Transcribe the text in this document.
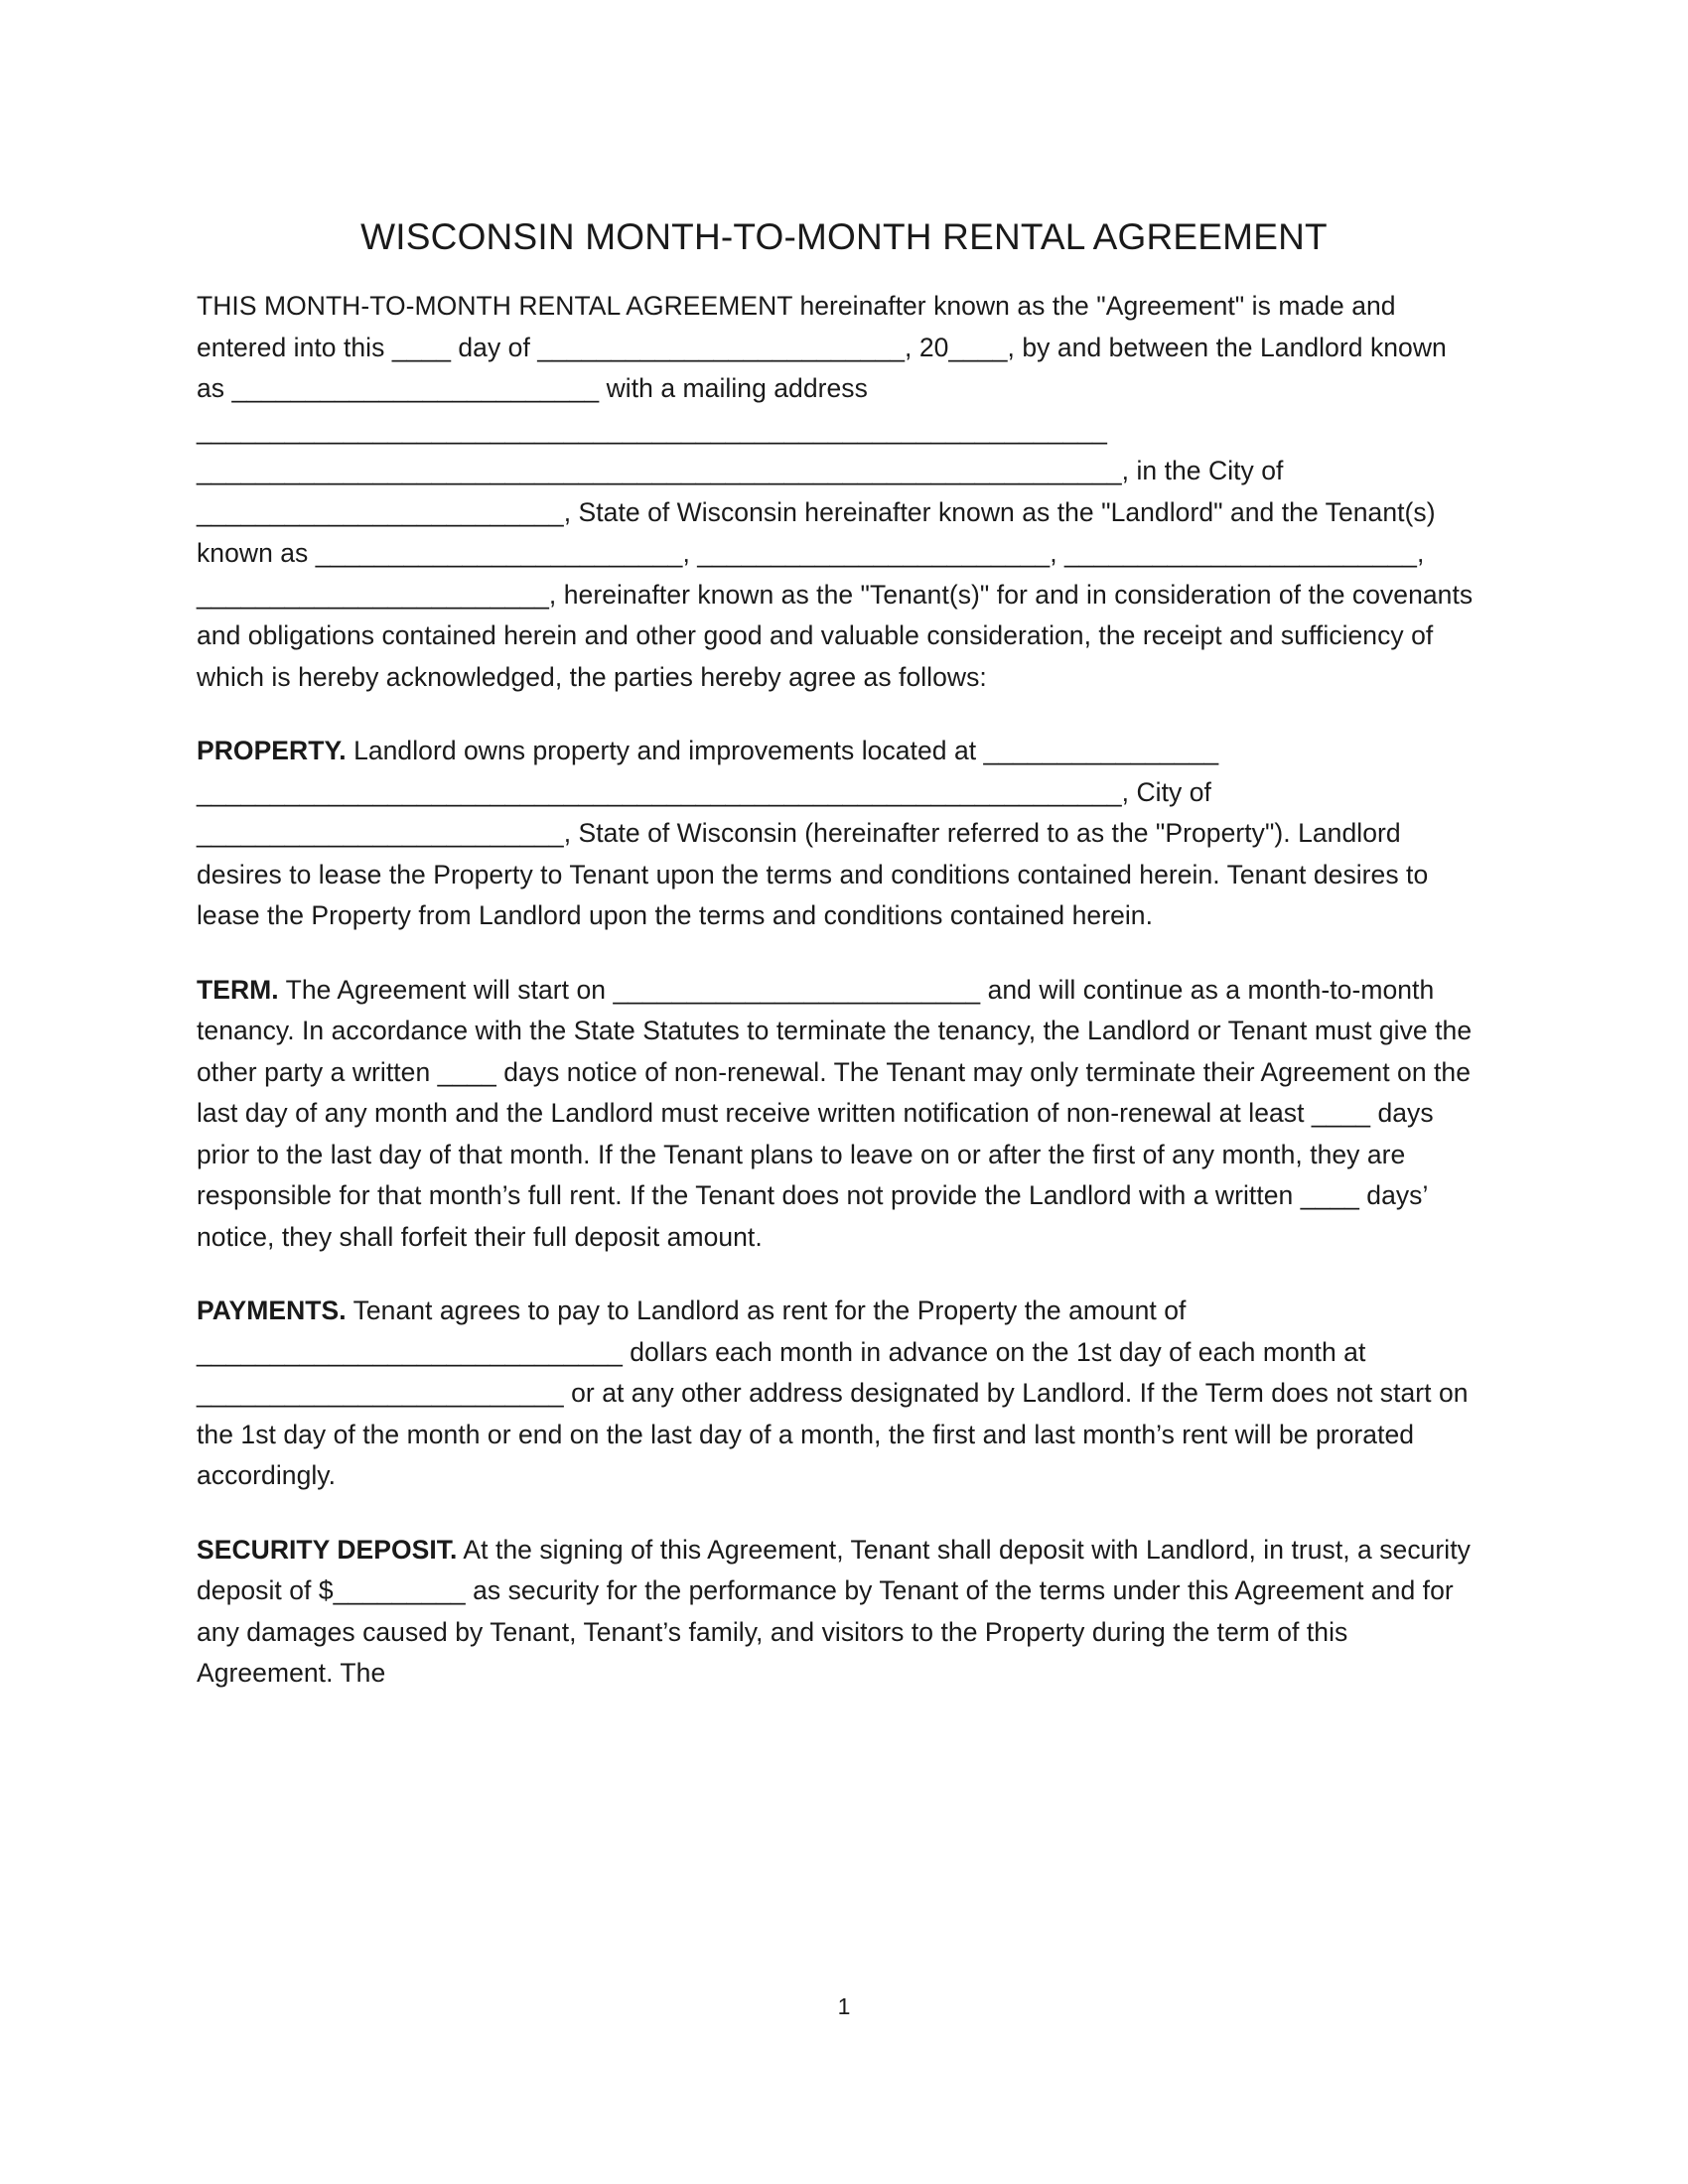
WISCONSIN MONTH-TO-MONTH RENTAL AGREEMENT

THIS MONTH-TO-MONTH RENTAL AGREEMENT hereinafter known as the "Agreement" is made and entered into this ____ day of _________________________, 20____, by and between the Landlord known as _________________________ with a mailing address ______________________________________________________________ _______________________________________________________________, in the City of _________________________, State of Wisconsin hereinafter known as the "Landlord" and the Tenant(s) known as _________________________, ________________________, ________________________, ________________________, hereinafter known as the "Tenant(s)" for and in consideration of the covenants and obligations contained herein and other good and valuable consideration, the receipt and sufficiency of which is hereby acknowledged, the parties hereby agree as follows:

PROPERTY. Landlord owns property and improvements located at ________________ _______________________________________________________________, City of _________________________, State of Wisconsin (hereinafter referred to as the "Property"). Landlord desires to lease the Property to Tenant upon the terms and conditions contained herein. Tenant desires to lease the Property from Landlord upon the terms and conditions contained herein.

TERM. The Agreement will start on _________________________ and will continue as a month-to-month tenancy. In accordance with the State Statutes to terminate the tenancy, the Landlord or Tenant must give the other party a written ____ days notice of non-renewal. The Tenant may only terminate their Agreement on the last day of any month and the Landlord must receive written notification of non-renewal at least ____ days prior to the last day of that month. If the Tenant plans to leave on or after the first of any month, they are responsible for that month’s full rent. If the Tenant does not provide the Landlord with a written ____ days’ notice, they shall forfeit their full deposit amount.

PAYMENTS. Tenant agrees to pay to Landlord as rent for the Property the amount of _____________________________ dollars each month in advance on the 1st day of each month at _________________________ or at any other address designated by Landlord. If the Term does not start on the 1st day of the month or end on the last day of a month, the first and last month’s rent will be prorated accordingly.

SECURITY DEPOSIT. At the signing of this Agreement, Tenant shall deposit with Landlord, in trust, a security deposit of $_________ as security for the performance by Tenant of the terms under this Agreement and for any damages caused by Tenant, Tenant’s family, and visitors to the Property during the term of this Agreement. The

1
